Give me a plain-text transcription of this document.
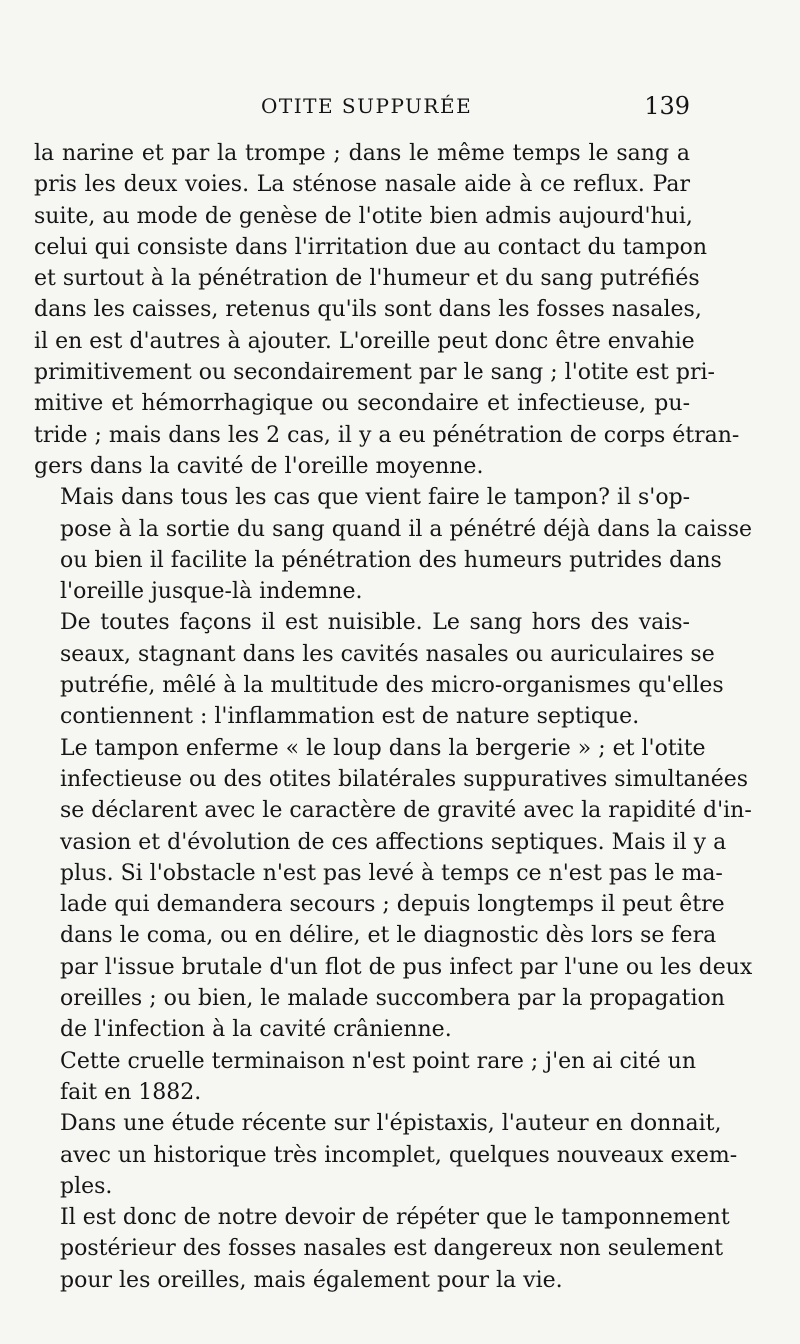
OTITE SUPPURÉE	139

la narine et par la trompe ; dans le même temps le sang a
pris les deux voies. La sténose nasale aide à ce reflux. Par
suite, au mode de genèse de l'otite bien admis aujourd'hui,
celui qui consiste dans l'irritation due au contact du tampon
et surtout à la pénétration de l'humeur et du sang putréfiés
dans les caisses, retenus qu'ils sont dans les fosses nasales,
il en est d'autres à ajouter. L'oreille peut donc être envahie
primitivement ou secondairement par le sang ; l'otite est pri-
mitive et hémorrhagique ou secondaire et infectieuse, pu-
tride ; mais dans les 2 cas, il y a eu pénétration de corps étran-
gers dans la cavité de l'oreille moyenne.

Mais dans tous les cas que vient faire le tampon? il s'op-
pose à la sortie du sang quand il a pénétré déjà dans la caisse
ou bien il facilite la pénétration des humeurs putrides dans
l'oreille jusque-là indemne.

De toutes façons il est nuisible. Le sang hors des vais-
seaux, stagnant dans les cavités nasales ou auriculaires se
putréfie, mêlé à la multitude des micro-organismes qu'elles
contiennent : l'inflammation est de nature septique.

Le tampon enferme « le loup dans la bergerie » ; et l'otite
infectieuse ou des otites bilatérales suppuratives simultanées
se déclarent avec le caractère de gravité avec la rapidité d'in-
vasion et d'évolution de ces affections septiques. Mais il y a
plus. Si l'obstacle n'est pas levé à temps ce n'est pas le ma-
lade qui demandera secours ; depuis longtemps il peut être
dans le coma, ou en délire, et le diagnostic dès lors se fera
par l'issue brutale d'un flot de pus infect par l'une ou les deux
oreilles ; ou bien, le malade succombera par la propagation
de l'infection à la cavité crânienne.

Cette cruelle terminaison n'est point rare ; j'en ai cité un
fait en 1882.

Dans une étude récente sur l'épistaxis, l'auteur en donnait,
avec un historique très incomplet, quelques nouveaux exem-
ples.

Il est donc de notre devoir de répéter que le tamponnement
postérieur des fosses nasales est dangereux non seulement
pour les oreilles, mais également pour la vie.
